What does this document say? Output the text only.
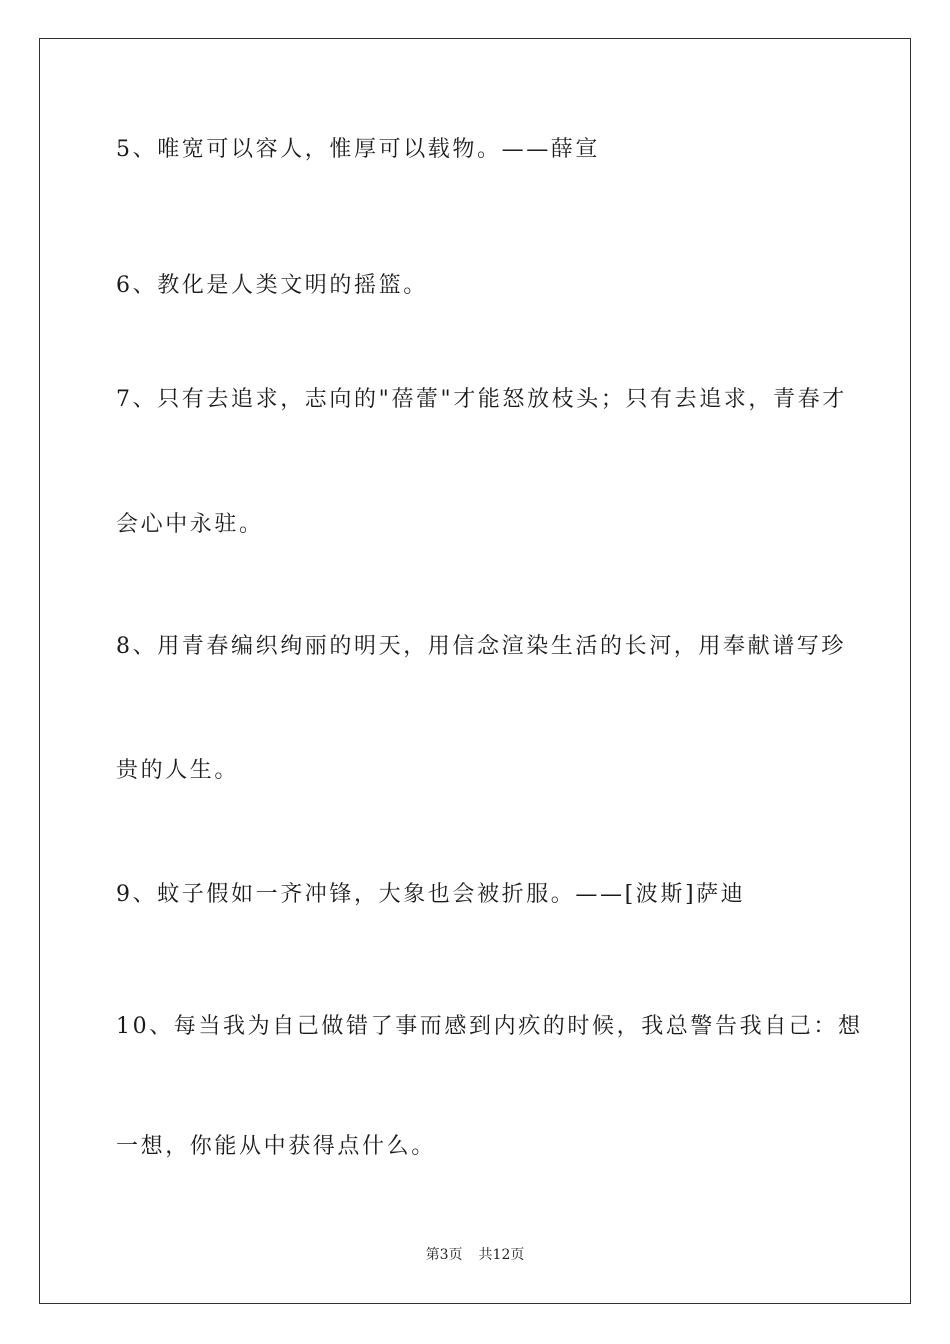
5、唯宽可以容人，惟厚可以载物。——薛宣
6、教化是人类文明的摇篮。
7、只有去追求，志向的"蓓蕾"才能怒放枝头；只有去追求，青春才
会心中永驻。
8、用青春编织绚丽的明天，用信念渲染生活的长河，用奉献谱写珍
贵的人生。
9、蚊子假如一齐冲锋，大象也会被折服。——[波斯]萨迪
10、每当我为自己做错了事而感到内疚的时候，我总警告我自己：想
一想，你能从中获得点什么。
第3页 共12页
